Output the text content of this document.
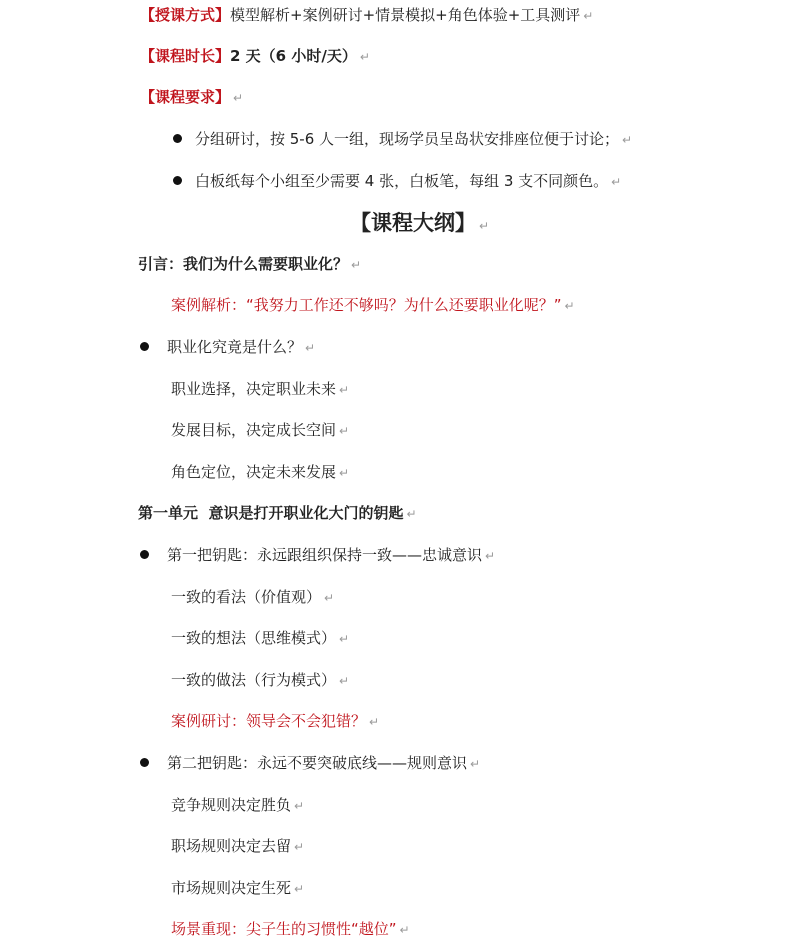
【授课方式】模型解析+案例研讨+情景模拟+角色体验+工具测评 ↵
【课程时长】2 天（6 小时/天） ↵
【课程要求】 ↵
分组研讨，按 5-6 人一组，现场学员呈岛状安排座位便于讨论； ↵
白板纸每个小组至少需要 4 张，白板笔，每组 3 支不同颜色。 ↵
【课程大纲】 ↵
引言：我们为什么需要职业化？ ↵
案例解析：“我努力工作还不够吗？为什么还要职业化呢？” ↵
职业化究竟是什么？ ↵
职业选择，决定职业未来 ↵
发展目标，决定成长空间 ↵
角色定位，决定未来发展 ↵
第一单元  意识是打开职业化大门的钥匙 ↵
第一把钥匙：永远跟组织保持一致——忠诚意识 ↵
一致的看法（价值观） ↵
一致的想法（思维模式） ↵
一致的做法（行为模式） ↵
案例研讨：领导会不会犯错？ ↵
第二把钥匙：永远不要突破底线——规则意识 ↵
竞争规则决定胜负 ↵
职场规则决定去留 ↵
市场规则决定生死 ↵
场景重现：尖子生的习惯性“越位” ↵
